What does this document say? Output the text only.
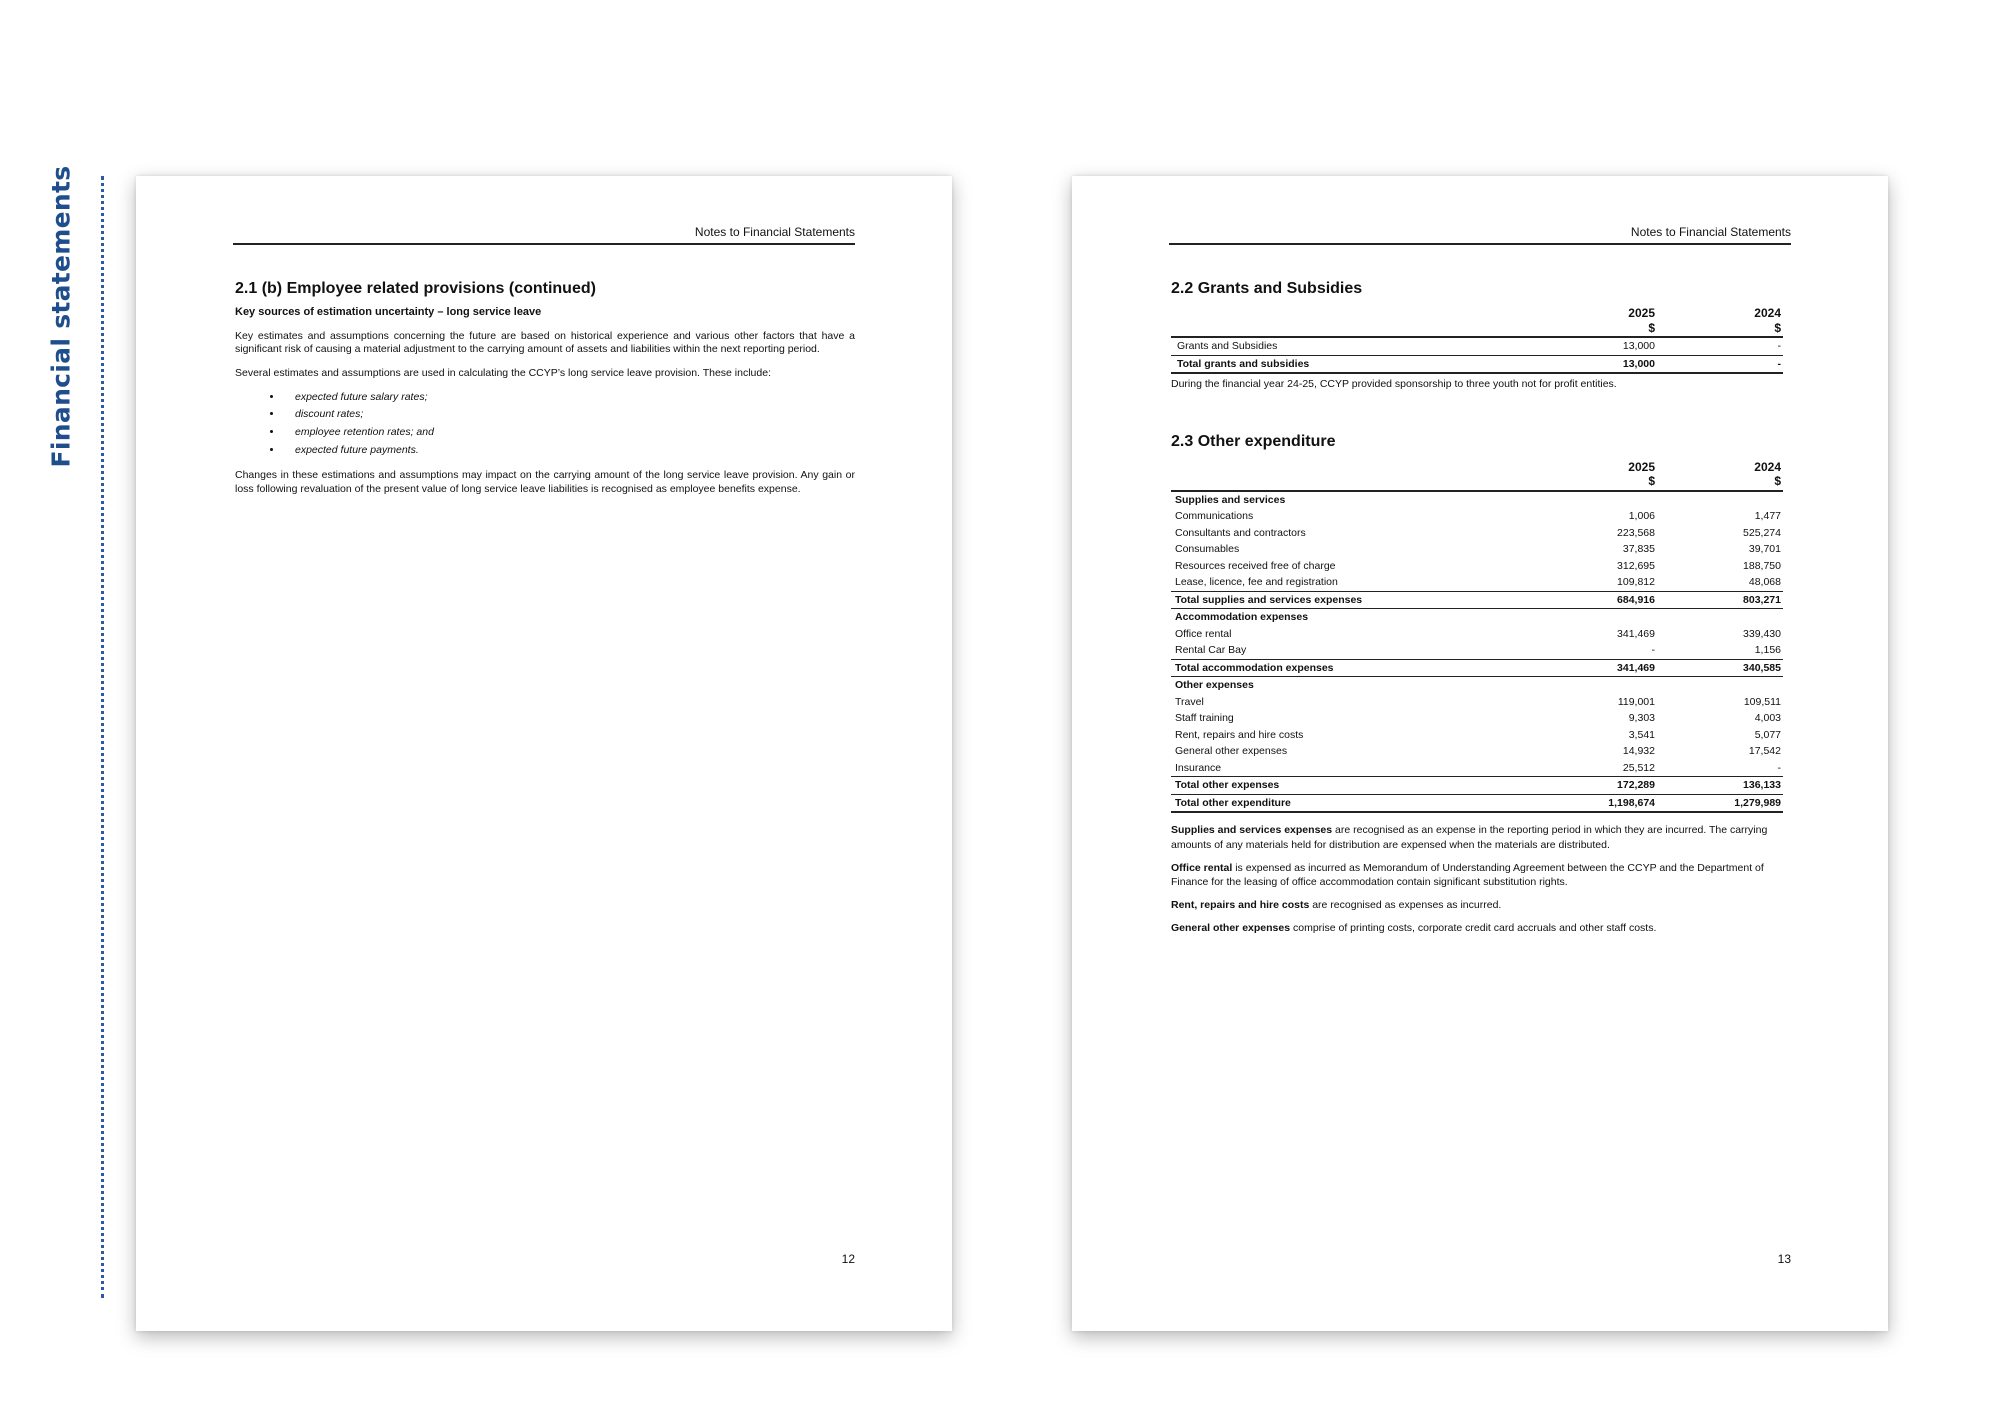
Financial statements	Notes to Financial Statements
2.1 (b) Employee related provisions (continued)
Key sources of estimation uncertainty – long service leave

Key estimates and assumptions concerning the future are based on historical experience and various other factors that have a significant risk of causing a material adjustment to the carrying amount of assets and liabilities within the next reporting period.

Several estimates and assumptions are used in calculating the CCYP’s long service leave provision. These include:

• expected future salary rates;
• discount rates;
• employee retention rates; and
• expected future payments.

Changes in these estimations and assumptions may impact on the carrying amount of the long service leave provision. Any gain or loss following revaluation of the present value of long service leave liabilities is recognised as employee benefits expense.

12
Notes to Financial Statements
2.2 Grants and Subsidies
	2025	2024
	$	$
Grants and Subsidies	13,000	-
Total grants and subsidies	13,000	-
During the financial year 24-25, CCYP provided sponsorship to three youth not for profit entities.
2.3 Other expenditure
	2025	2024
	$	$
Supplies and services		
Communications	1,006	1,477
Consultants and contractors	223,568	525,274
Consumables	37,835	39,701
Resources received free of charge	312,695	188,750
Lease, licence, fee and registration	109,812	48,068
Total supplies and services expenses	684,916	803,271
Accommodation expenses		
Office rental	341,469	339,430
Rental Car Bay	-	1,156
Total accommodation expenses	341,469	340,585
Other expenses		
Travel	119,001	109,511
Staff training	9,303	4,003
Rent, repairs and hire costs	3,541	5,077
General other expenses	14,932	17,542
Insurance	25,512	-
Total other expenses	172,289	136,133
Total other expenditure	1,198,674	1,279,989

Supplies and services expenses are recognised as an expense in the reporting period in which they are incurred. The carrying amounts of any materials held for distribution are expensed when the materials are distributed.

Office rental is expensed as incurred as Memorandum of Understanding Agreement between the CCYP and the Department of Finance for the leasing of office accommodation contain significant substitution rights.

Rent, repairs and hire costs are recognised as expenses as incurred.

General other expenses comprise of printing costs, corporate credit card accruals and other staff costs.

13
